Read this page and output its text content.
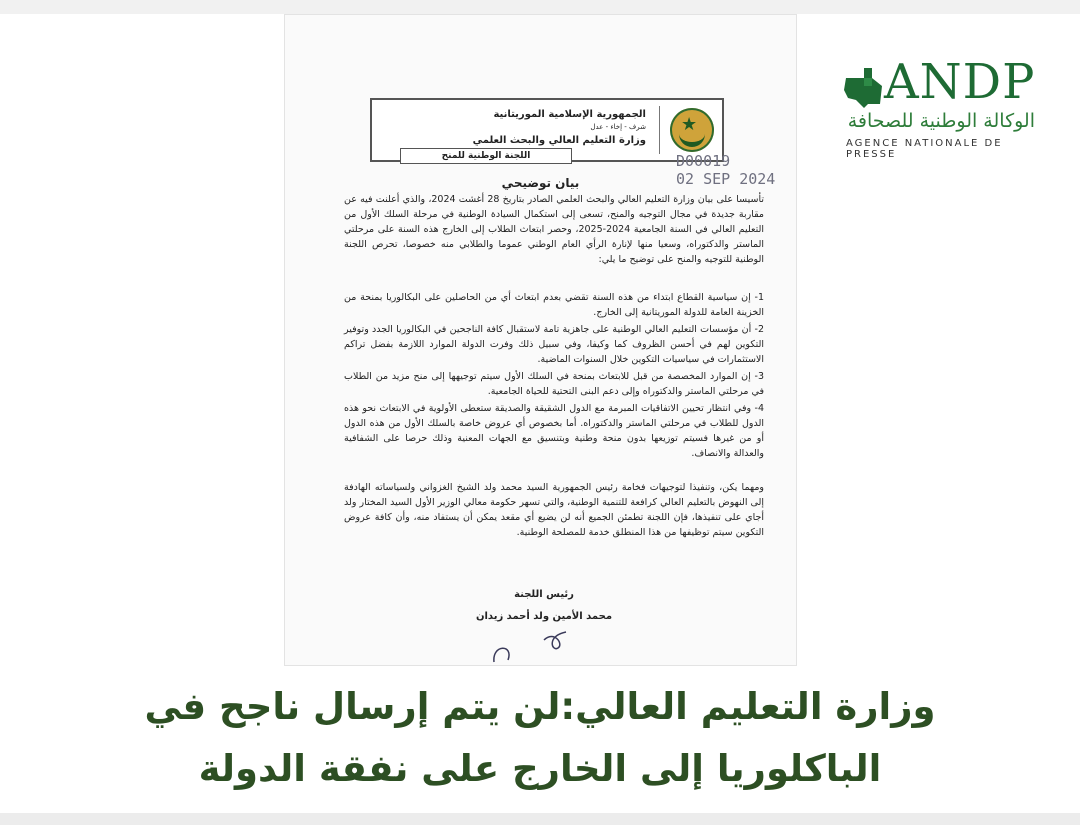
ANDP
الوكالة الوطنية للصحافة
AGENCE NATIONALE DE PRESSE
★
الجمهورية الإسلامية الموريتانية
شرف - إخاء - عدل
وزارة التعليم العالي والبحث العلمي
اللجنة الوطنية للمنح	D00019
02 SEP 2024
بيان توضيحي
تأسيسا على بيان وزارة التعليم العالي والبحث العلمي الصادر بتاريخ 28 أغشت 2024، والذي أعلنت فيه عن مقاربة جديدة في مجال التوجيه والمنح، تسعى إلى استكمال السيادة الوطنية في مرحلة السلك الأول من التعليم العالي في السنة الجامعية 2024-2025، وحصر ابتعاث الطلاب إلى الخارج هذه السنة على مرحلتي الماستر والدكتوراه، وسعيا منها لإنارة الرأي العام الوطني عموما والطلابي منه خصوصا، تحرص اللجنة الوطنية للتوجيه والمنح على توضيح ما يلي:
1- إن سياسية القطاع ابتداء من هذه السنة تقضي بعدم ابتعاث أي من الحاصلين على البكالوريا بمنحة من الخزينة العامة للدولة الموريتانية إلى الخارج.
2- أن مؤسسات التعليم العالي الوطنية على جاهزية تامة لاستقبال كافة الناجحين في البكالوريا الجدد وتوفير التكوين لهم في أحسن الظروف كما وكيفا، وفي سبيل ذلك وفرت الدولة الموارد اللازمة بفضل تراكم الاستثمارات في سياسيات التكوين خلال السنوات الماضية.
3- إن الموارد المخصصة من قبل للابتعاث بمنحة في السلك الأول سيتم توجيهها إلى منح مزيد من الطلاب في مرحلتي الماستر والدكتوراه وإلى دعم البنى التحتية للحياة الجامعية.
4- وفي انتظار تحيين الاتفاقيات المبرمة مع الدول الشقيقة والصديقة ستعطى الأولوية في الابتعاث نحو هذه الدول للطلاب في مرحلتي الماستر والدكتوراه. أما بخصوص أي عروض خاصة بالسلك الأول من هذه الدول أو من غيرها فسيتم توزيعها بدون منحة وطنية وبتنسيق مع الجهات المعنية وذلك حرصا على الشفافية والعدالة والانصاف.
ومهما يكن، وتنفيذا لتوجيهات فخامة رئيس الجمهورية السيد محمد ولد الشيخ الغزواني ولسياساته الهادفة إلى النهوض بالتعليم العالي كرافعة للتنمية الوطنية، والتي تسهر حكومة معالي الوزير الأول السيد المختار ولد أجاي على تنفيذها، فإن اللجنة تطمئن الجميع أنه لن يضيع أي مقعد يمكن أن يستفاد منه، وأن كافة عروض التكوين سيتم توظيفها من هذا المنطلق خدمة للمصلحة الوطنية.
رئيس اللجنة
محمد الأمين ولد أحمد زيدان
وزارة التعليم العالي:لن يتم إرسال ناجح في
الباكلوريا إلى الخارج على نفقة الدولة
